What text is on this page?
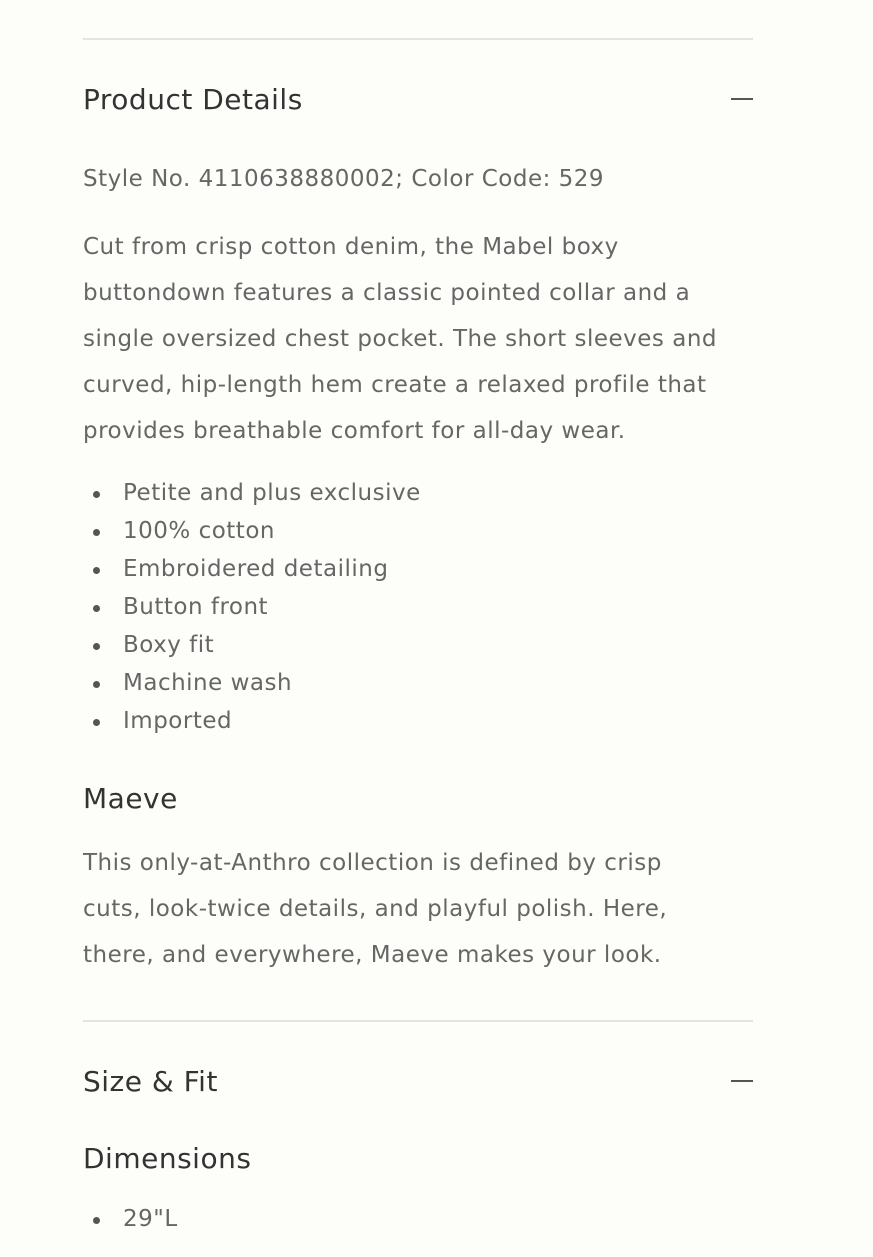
Product Details

Style No. 4110638880002; Color Code: 529

Cut from crisp cotton denim, the Mabel boxy buttondown features a classic pointed collar and a single oversized chest pocket. The short sleeves and curved, hip-length hem create a relaxed profile that provides breathable comfort for all-day wear.

Petite and plus exclusive
100% cotton
Embroidered detailing
Button front
Boxy fit
Machine wash
Imported
Maeve

This only-at-Anthro collection is defined by crisp cuts, look-twice details, and playful polish. Here, there, and everywhere, Maeve makes your look.

Size & Fit
Dimensions
29"L
